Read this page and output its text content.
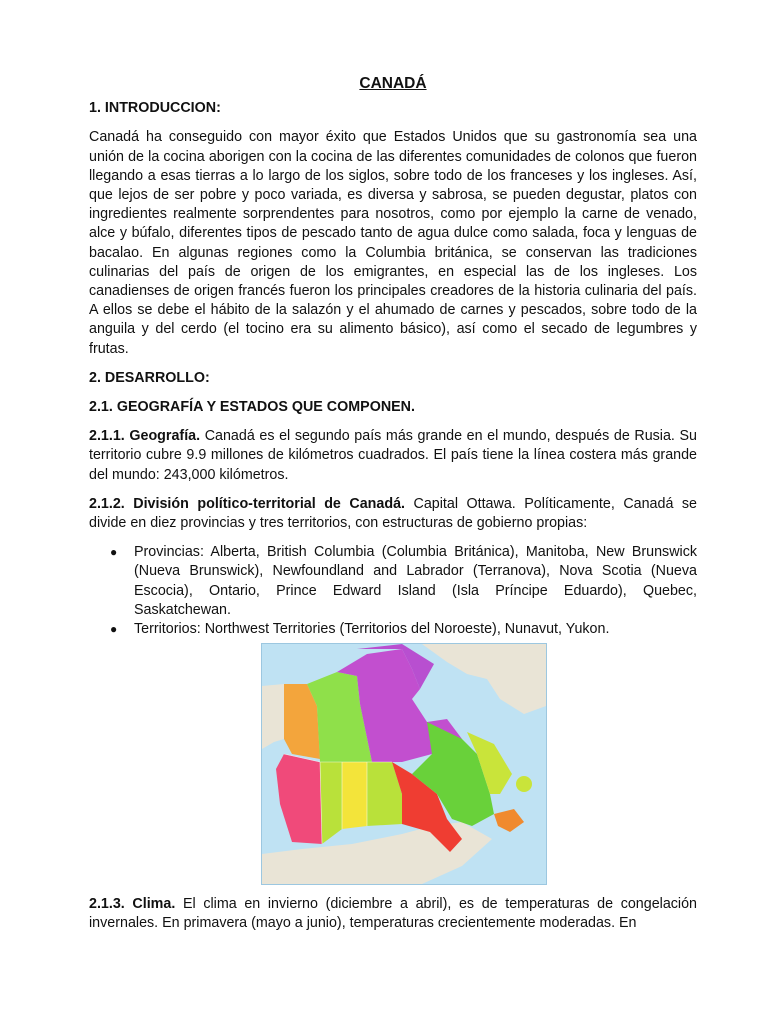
CANADÁ
1. INTRODUCCION:
Canadá ha conseguido con mayor éxito que Estados Unidos que su gastronomía sea una unión de la cocina aborigen con la cocina de las diferentes comunidades de colonos que fueron llegando a esas tierras a lo largo de los siglos, sobre todo de los franceses y los ingleses. Así, que lejos de ser pobre y poco variada, es diversa y sabrosa, se pueden degustar, platos con ingredientes realmente sorprendentes para nosotros, como por ejemplo la carne de venado, alce y búfalo, diferentes tipos de pescado tanto de agua dulce como salada, foca y lenguas de bacalao. En algunas regiones como la Columbia británica, se conservan las tradiciones culinarias del país de origen de los emigrantes, en especial las de los ingleses. Los canadienses de origen francés fueron los principales creadores de la historia culinaria del país. A ellos se debe el hábito de la salazón y el ahumado de carnes y pescados, sobre todo de la anguila y del cerdo (el tocino era su alimento básico), así como el secado de legumbres y frutas.
2. DESARROLLO:
2.1. GEOGRAFÍA Y ESTADOS QUE COMPONEN.
2.1.1. Geografía. Canadá es el segundo país más grande en el mundo, después de Rusia. Su territorio cubre 9.9 millones de kilómetros cuadrados. El país tiene la línea costera más grande del mundo: 243,000 kilómetros.
2.1.2. División político-territorial de Canadá. Capital Ottawa. Políticamente, Canadá se divide en diez provincias y tres territorios, con estructuras de gobierno propias:
● Provincias: Alberta, British Columbia (Columbia Británica), Manitoba, New Brunswick (Nueva Brunswick), Newfoundland and Labrador (Terranova), Nova Scotia (Nueva Escocia), Ontario, Prince Edward Island (Isla Príncipe Eduardo), Quebec, Saskatchewan.
● Territorios: Northwest Territories (Territorios del Noroeste), Nunavut, Yukon.
2.1.3. Clima. El clima en invierno (diciembre a abril), es de temperaturas de congelación invernales. En primavera (mayo a junio), temperaturas crecientemente moderadas. En
